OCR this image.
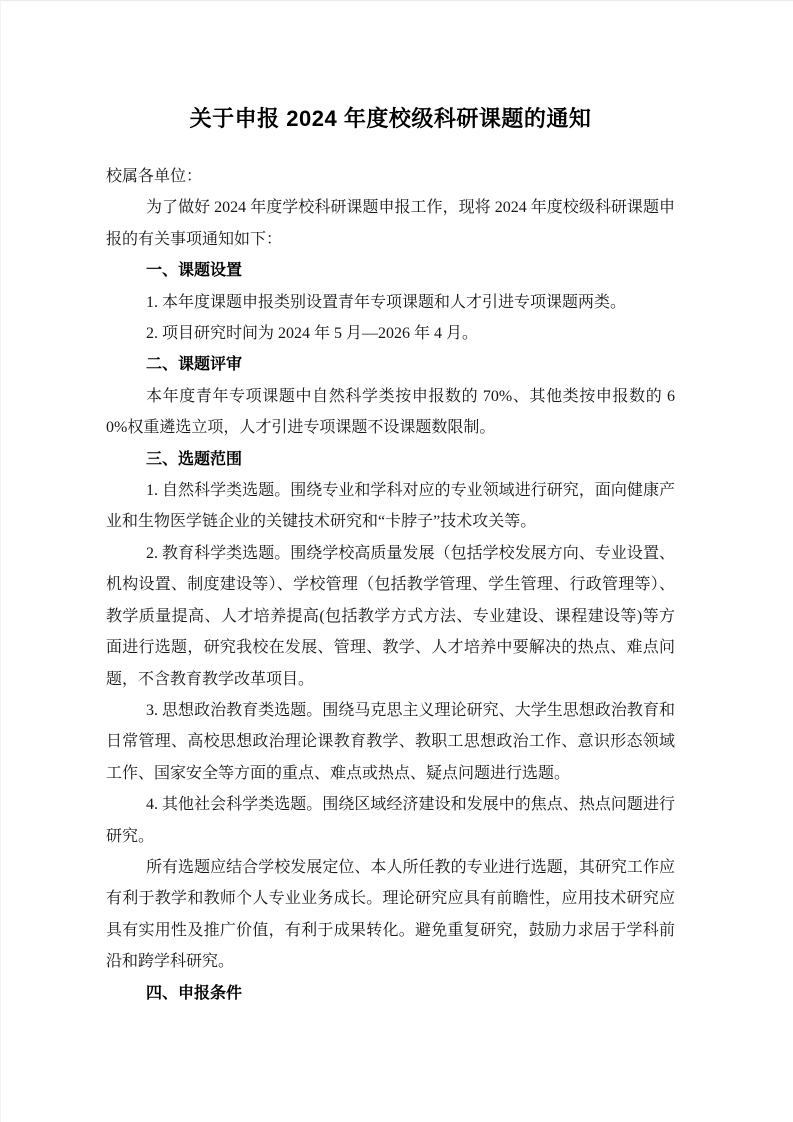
关于申报 2024 年度校级科研课题的通知

校属各单位：

为了做好 2024 年度学校科研课题申报工作，现将 2024 年度校级科研课题申报的有关事项通知如下：

一、课题设置

1. 本年度课题申报类别设置青年专项课题和人才引进专项课题两类。

2. 项目研究时间为 2024 年 5 月—2026 年 4 月。

二、课题评审

本年度青年专项课题中自然科学类按申报数的 70%、其他类按申报数的 60%权重遴选立项，人才引进专项课题不设课题数限制。

三、选题范围

1. 自然科学类选题。围绕专业和学科对应的专业领域进行研究，面向健康产业和生物医学链企业的关键技术研究和“卡脖子”技术攻关等。

2. 教育科学类选题。围绕学校高质量发展（包括学校发展方向、专业设置、机构设置、制度建设等）、学校管理（包括教学管理、学生管理、行政管理等）、教学质量提高、人才培养提高(包括教学方式方法、专业建设、课程建设等)等方面进行选题，研究我校在发展、管理、教学、人才培养中要解决的热点、难点问题，不含教育教学改革项目。

3. 思想政治教育类选题。围绕马克思主义理论研究、大学生思想政治教育和日常管理、高校思想政治理论课教育教学、教职工思想政治工作、意识形态领域工作、国家安全等方面的重点、难点或热点、疑点问题进行选题。

4. 其他社会科学类选题。围绕区域经济建设和发展中的焦点、热点问题进行研究。

所有选题应结合学校发展定位、本人所任教的专业进行选题，其研究工作应有利于教学和教师个人专业业务成长。理论研究应具有前瞻性，应用技术研究应具有实用性及推广价值，有利于成果转化。避免重复研究，鼓励力求居于学科前沿和跨学科研究。

四、申报条件
